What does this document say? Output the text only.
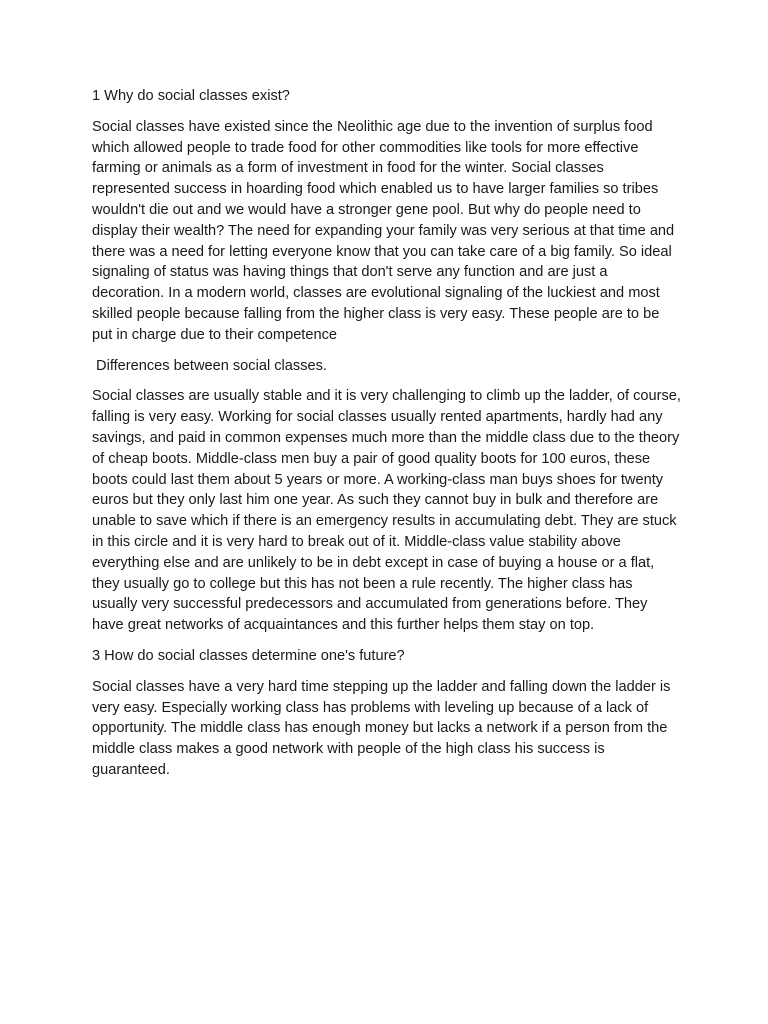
1 Why do social classes exist?

Social classes have existed since the Neolithic age due to the invention of surplus food which allowed people to trade food for other commodities like tools for more effective farming or animals as a form of investment in food for the winter. Social classes represented success in hoarding food which enabled us to have larger families so tribes wouldn't die out and we would have a stronger gene pool. But why do people need to display their wealth? The need for expanding your family was very serious at that time and there was a need for letting everyone know that you can take care of a big family. So ideal signaling of status was having things that don't serve any function and are just a decoration. In a modern world, classes are evolutional signaling of the luckiest and most skilled people because falling from the higher class is very easy. These people are to be put in charge due to their competence

Differences between social classes.

Social classes are usually stable and it is very challenging to climb up the ladder, of course, falling is very easy. Working for social classes usually rented apartments, hardly had any savings, and paid in common expenses much more than the middle class due to the theory of cheap boots. Middle-class men buy a pair of good quality boots for 100 euros, these boots could last them about 5 years or more. A working-class man buys shoes for twenty euros but they only last him one year. As such they cannot buy in bulk and therefore are unable to save which if there is an emergency results in accumulating debt. They are stuck in this circle and it is very hard to break out of it. Middle-class value stability above everything else and are unlikely to be in debt except in case of buying a house or a flat, they usually go to college but this has not been a rule recently. The higher class has usually very successful predecessors and accumulated from generations before. They have great networks of acquaintances and this further helps them stay on top.

3 How do social classes determine one's future?

Social classes have a very hard time stepping up the ladder and falling down the ladder is very easy. Especially working class has problems with leveling up because of a lack of opportunity. The middle class has enough money but lacks a network if a person from the middle class makes a good network with people of the high class his success is guaranteed.
